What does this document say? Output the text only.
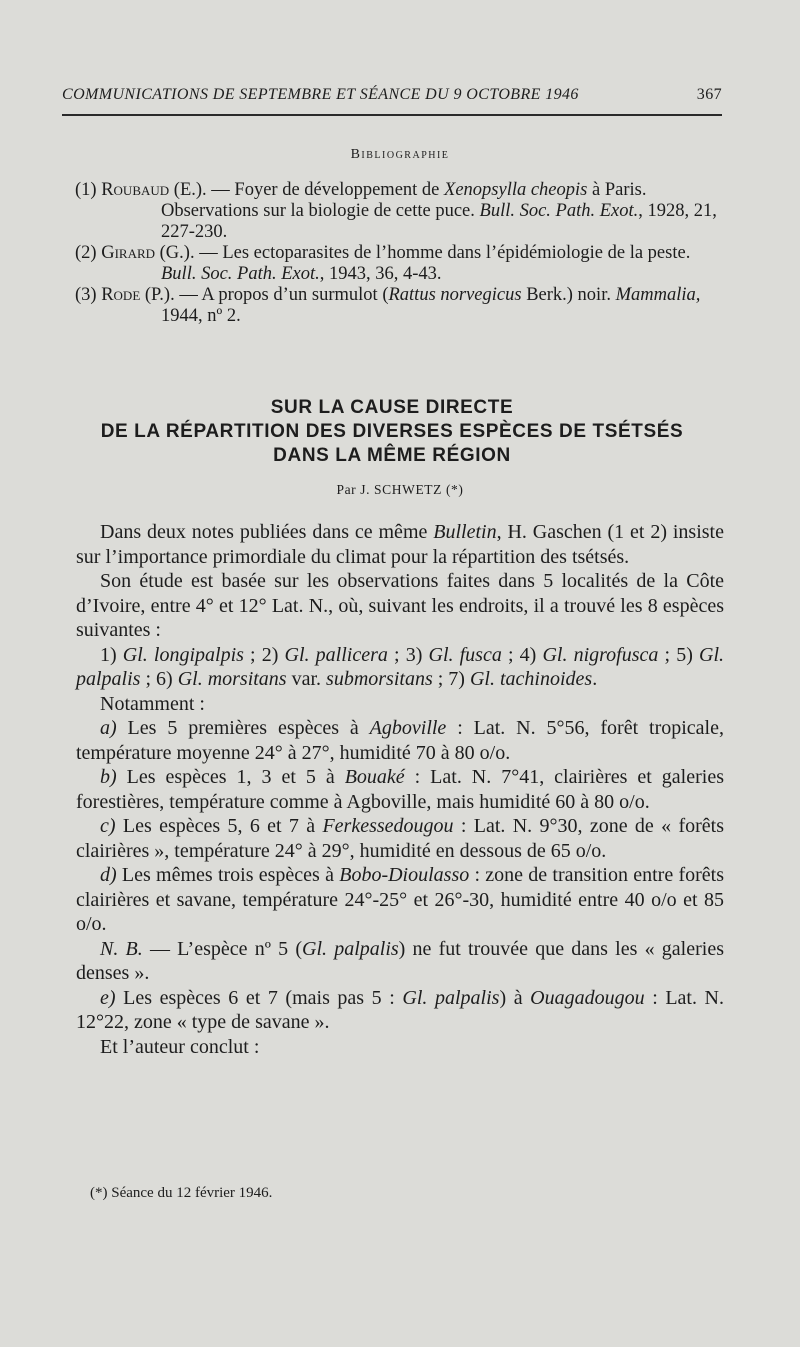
COMMUNICATIONS DE SEPTEMBRE ET SÉANCE DU 9 OCTOBRE 1946	367
Bibliographie
(1) Roubaud (E.). — Foyer de développement de Xenopsylla cheopis à Paris. Observations sur la biologie de cette puce. Bull. Soc. Path. Exot., 1928, 21, 227-230.
(2) Girard (G.). — Les ectoparasites de l’homme dans l’épidémiologie de la peste. Bull. Soc. Path. Exot., 1943, 36, 4-43.
(3) Rode (P.). — A propos d’un surmulot (Rattus norvegicus Berk.) noir. Mammalia, 1944, nº 2.
SUR LA CAUSE DIRECTE
DE LA RÉPARTITION DES DIVERSES ESPÈCES DE TSÉTSÉS
DANS LA MÊME RÉGION
Par J. SCHWETZ (*)

Dans deux notes publiées dans ce même Bulletin, H. Gaschen (1 et 2) insiste sur l’importance primordiale du climat pour la répartition des tsétsés.

Son étude est basée sur les observations faites dans 5 localités de la Côte d’Ivoire, entre 4° et 12° Lat. N., où, suivant les endroits, il a trouvé les 8 espèces suivantes :

1) Gl. longipalpis ; 2) Gl. pallicera ; 3) Gl. fusca ; 4) Gl. nigrofusca ; 5) Gl. palpalis ; 6) Gl. morsitans var. submorsitans ; 7) Gl. tachinoides.

Notamment :

a) Les 5 premières espèces à Agboville : Lat. N. 5°56, forêt tropicale, température moyenne 24° à 27°, humidité 70 à 80 o/o.

b) Les espèces 1, 3 et 5 à Bouaké : Lat. N. 7°41, clairières et galeries forestières, température comme à Agboville, mais humidité 60 à 80 o/o.

c) Les espèces 5, 6 et 7 à Ferkessedougou : Lat. N. 9°30, zone de « forêts clairières », température 24° à 29°, humidité en dessous de 65 o/o.

d) Les mêmes trois espèces à Bobo-Dioulasso : zone de transition entre forêts clairières et savane, température 24°-25° et 26°-30, humidité entre 40 o/o et 85 o/o.

N. B. — L’espèce nº 5 (Gl. palpalis) ne fut trouvée que dans les « galeries denses ».

e) Les espèces 6 et 7 (mais pas 5 : Gl. palpalis) à Ouagadougou : Lat. N. 12°22, zone « type de savane ».

Et l’auteur conclut :

(*) Séance du 12 février 1946.
